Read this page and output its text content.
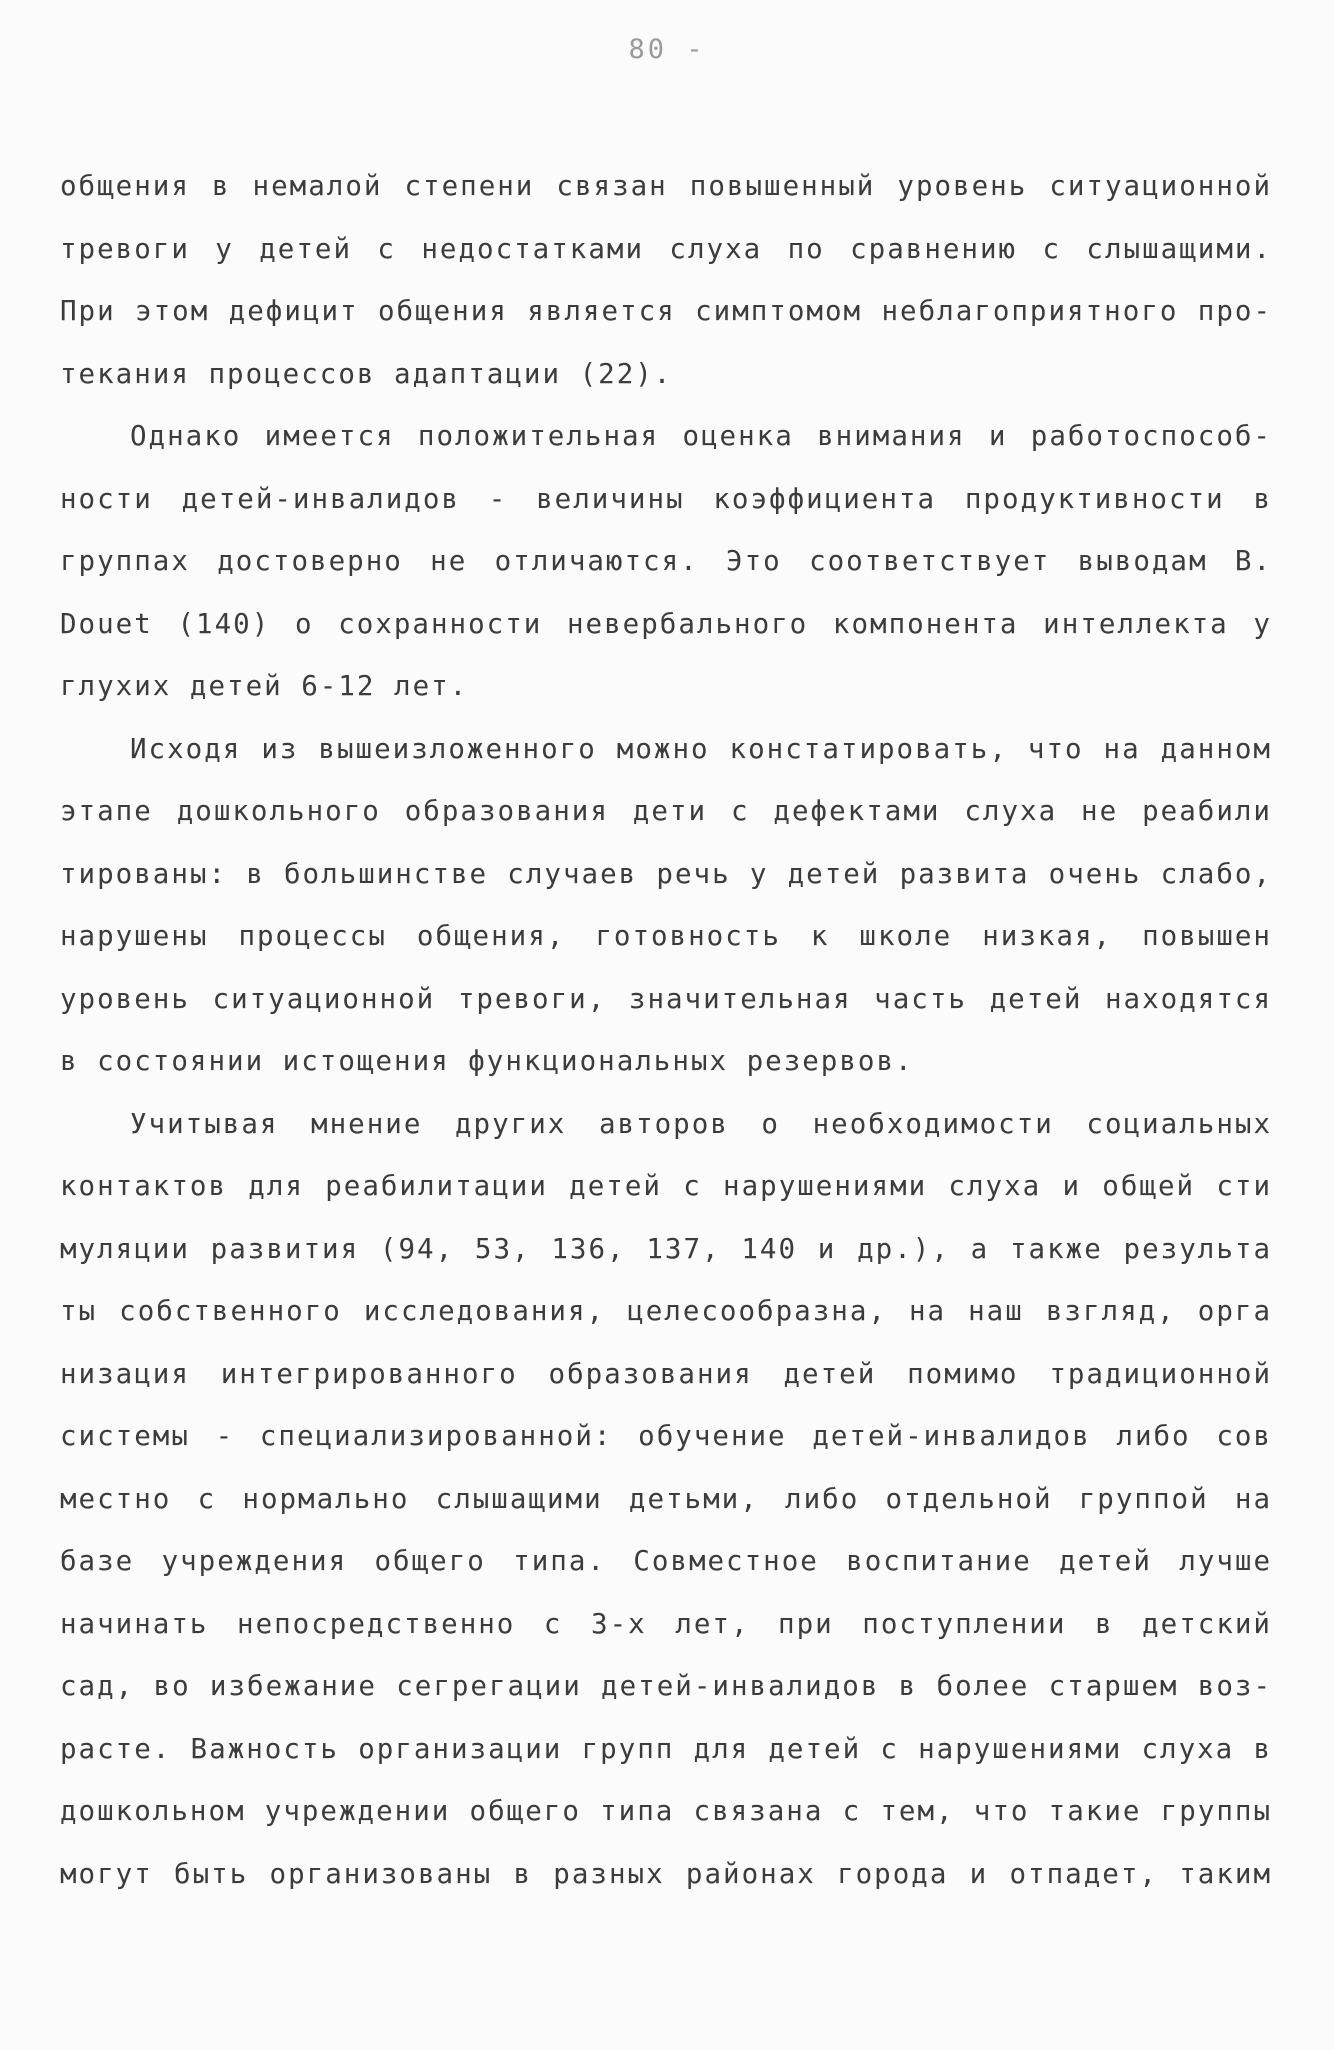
80 -
общения в немалой степени связан повышенный уровень ситуационной
тревоги у детей с недостатками слуха по сравнению с слышащими.
При этом дефицит общения является симптомом неблагоприятного про-
текания процессов адаптации (22).
Однако имеется положительная оценка внимания и работоспособ-
ности детей-инвалидов - величины коэффициента продуктивности в
группах достоверно не отличаются. Это соответствует выводам В.
Douet (140) о сохранности невербального компонента интеллекта у
глухих детей 6-12 лет.
Исходя из вышеизложенного можно констатировать, что на данном
этапе дошкольного образования дети с дефектами слуха не реабили
тированы: в большинстве случаев речь у детей развита очень слабо,
нарушены процессы общения, готовность к школе низкая, повышен
уровень ситуационной тревоги, значительная часть детей находятся
в состоянии истощения функциональных резервов.
Учитывая мнение других авторов о необходимости социальных
контактов для реабилитации детей с нарушениями слуха и общей сти
муляции развития (94, 53, 136, 137, 140 и др.), а также результа
ты собственного исследования, целесообразна, на наш взгляд, орга
низация интегрированного образования детей помимо традиционной
системы - специализированной: обучение детей-инвалидов либо сов
местно с нормально слышащими детьми, либо отдельной группой на
базе учреждения общего типа. Совместное воспитание детей лучше
начинать непосредственно с 3-х лет, при поступлении в детский
сад, во избежание сегрегации детей-инвалидов в более старшем воз-
расте. Важность организации групп для детей с нарушениями слуха в
дошкольном учреждении общего типа связана с тем, что такие группы
могут быть организованы в разных районах города и отпадет, таким
